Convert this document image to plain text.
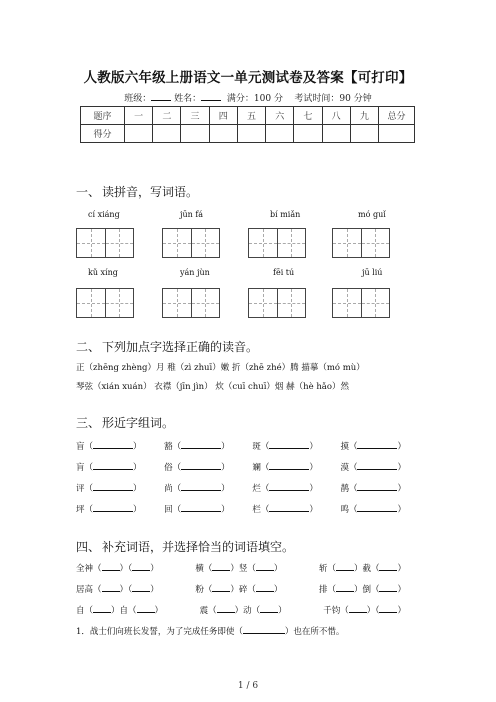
人教版六年级上册语文一单元测试卷及答案【可打印】
班级：	姓名：	满分：100 分 考试时间：90 分钟
题序	一	二	三	四	五	六	七	八	九	总分
得分										
一、 读拼音，写词语。
cí xiáng	jūn fá	bí miǎn	mó guǐ
kǔ xíng	yán jùn	fēi tú	jū liú
二、 下列加点字选择正确的读音。
正（zhēng zhèng）月 稚（zì zhuī）嫩 折（zhē zhé）腾 描摹（mó mù）
琴弦（xián xuán） 衣襟（jīn jìn） 炊（cuī chuī）烟 赫（hè hǎo）然
三、 形近字组词。
盲（	）	豁（	）	斑（	）	摸（	）
肓（	）	俗（	）	斓（	）	漠（	）
评（	）	尚（	）	烂（	）	鹊（	）
坪（	）	回（	）	栏（	）	鸣（	）
四、 补充词语，并选择恰当的词语填空。
全神（ ）（ ）	横（ ）竖（ ）	斩（ ）截（ ）
居高（ ）（ ）	粉（ ）碎（ ）	排（ ）倒（ ）
自（ ）自（ ）	震（ ）动（ ）	千钧（ ）（ ）
1．战士们向班长发誓，为了完成任务即使（	）也在所不惜。
1 / 6
